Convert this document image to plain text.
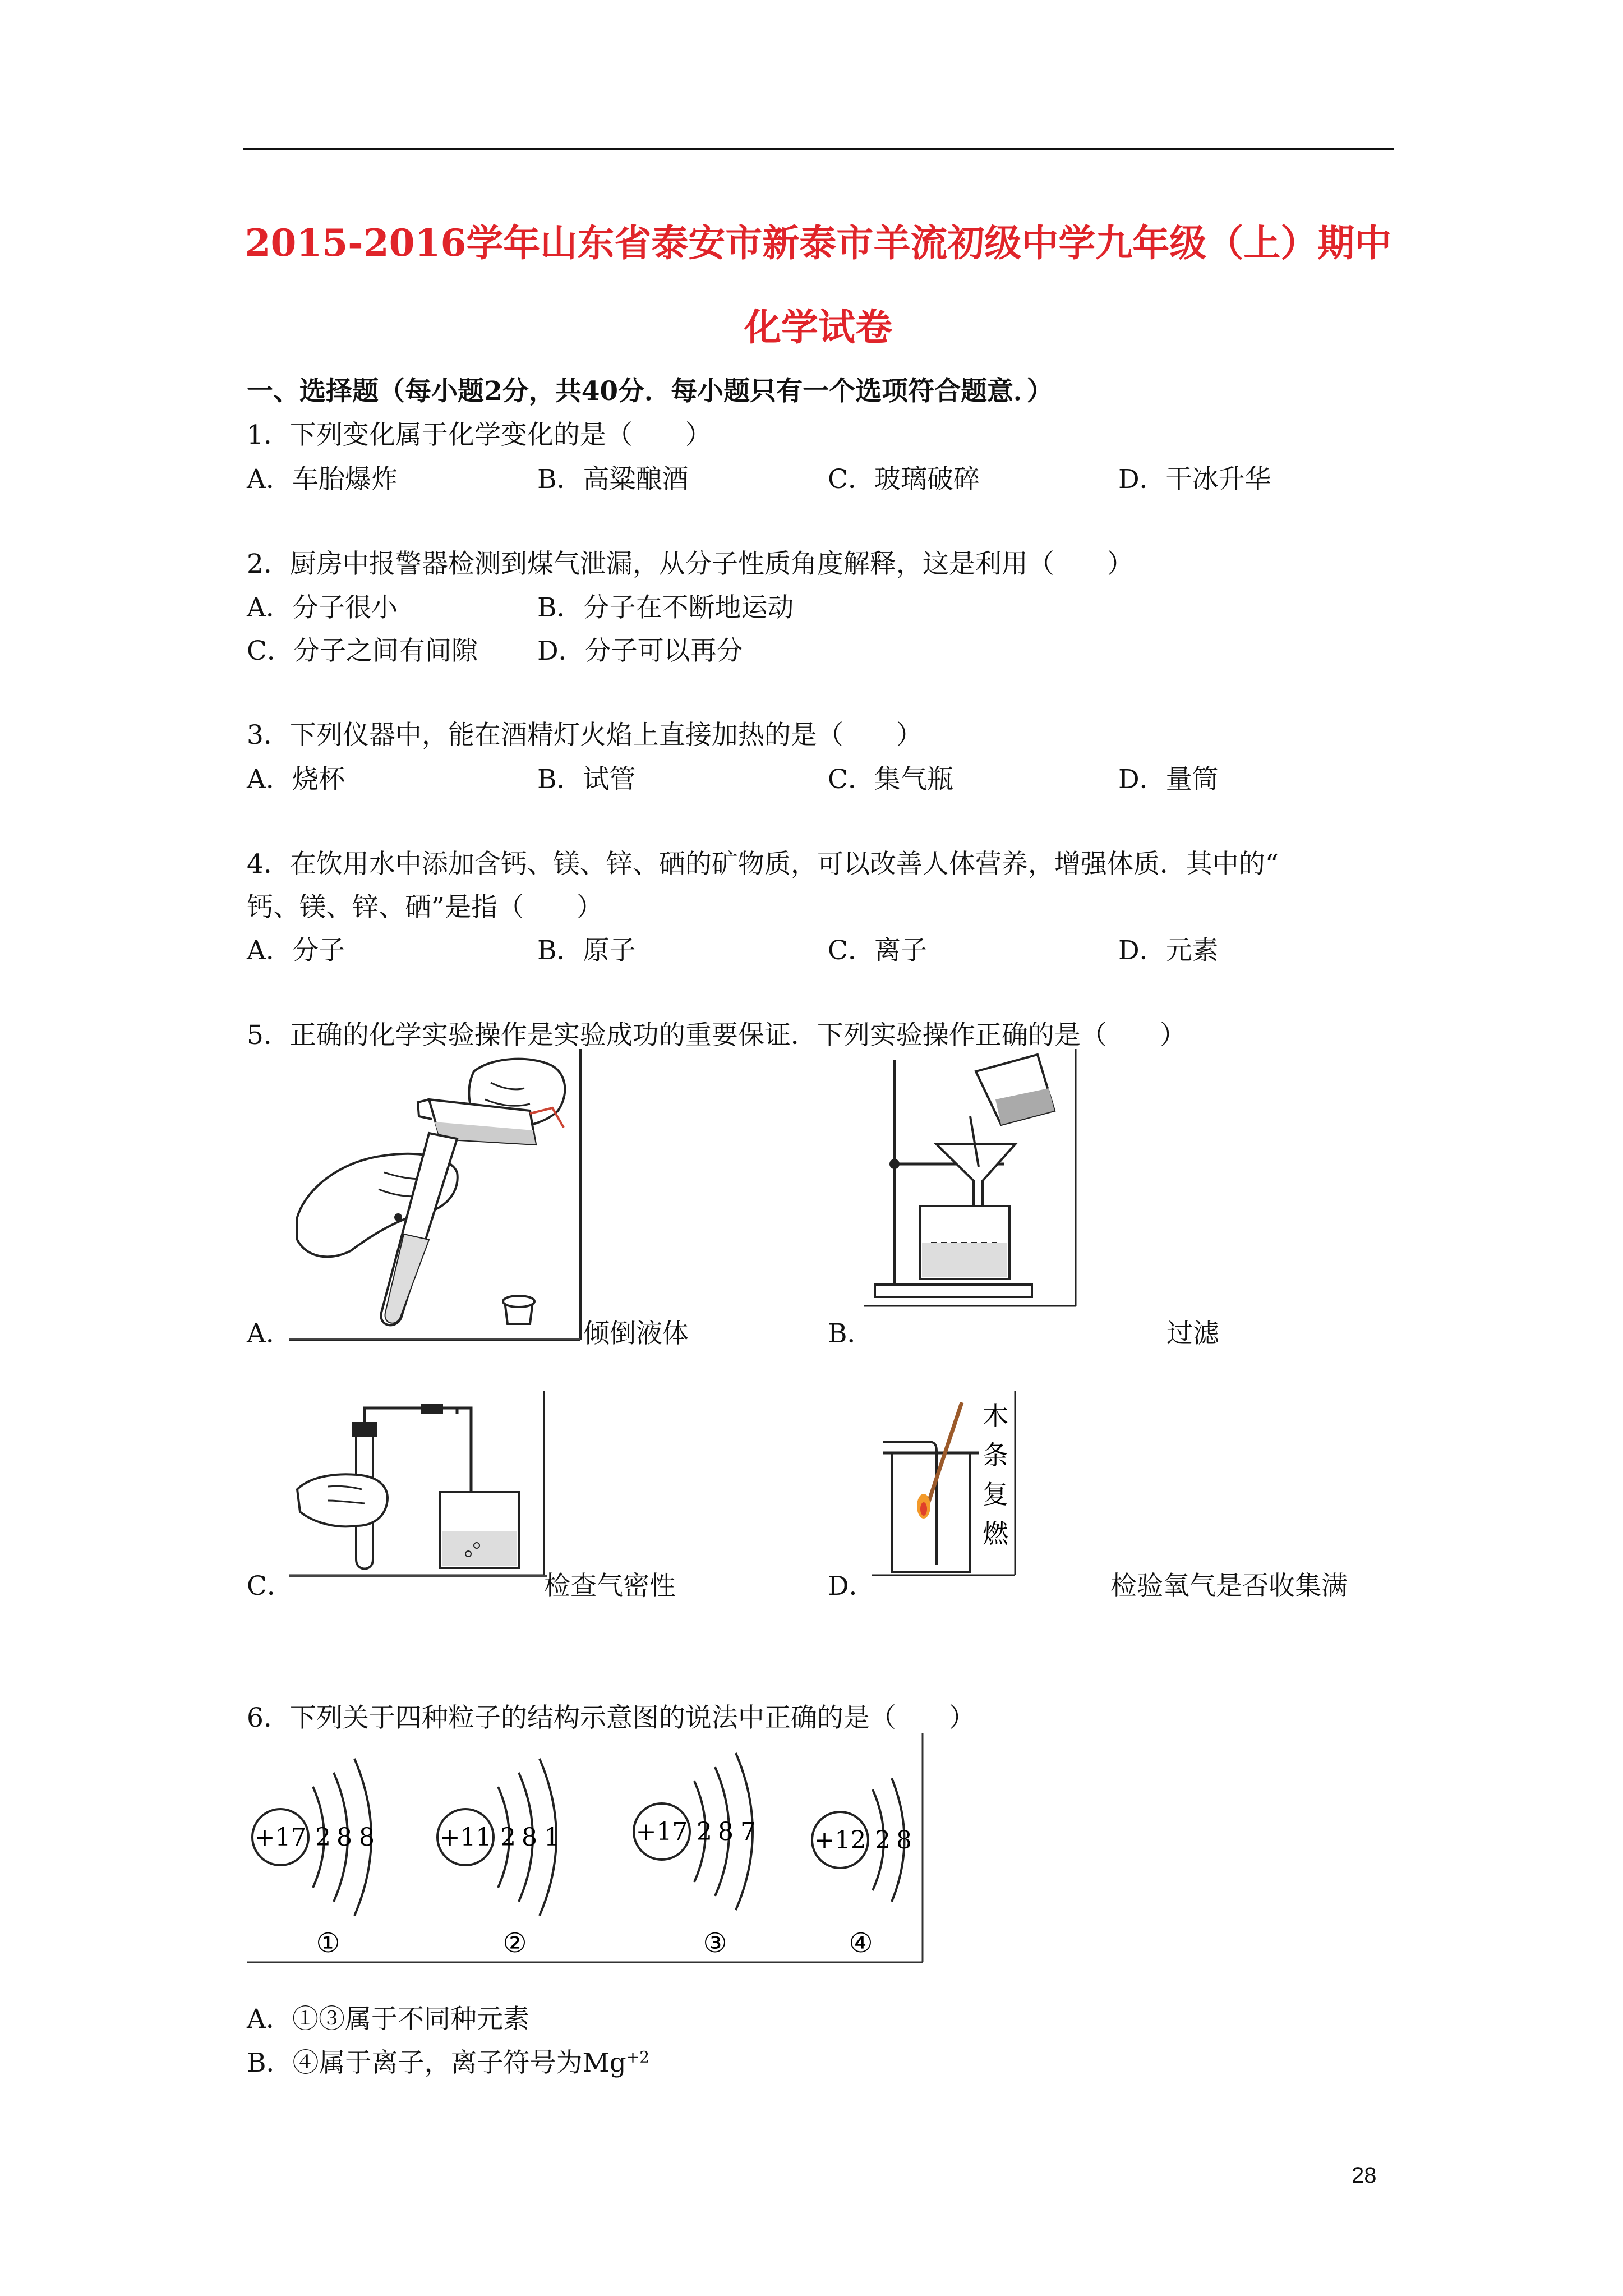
2015-2016学年山东省泰安市新泰市羊流初级中学九年级（上）期中
化学试卷
一、选择题（每小题2分，共40分．每小题只有一个选项符合题意．）
1．下列变化属于化学变化的是（　　）
A．车胎爆炸	B．高粱酿酒	C．玻璃破碎	D．干冰升华
2．厨房中报警器检测到煤气泄漏，从分子性质角度解释，这是利用（　　）
A．分子很小	B．分子在不断地运动
C．分子之间有间隙 D．分子可以再分
3．下列仪器中，能在酒精灯火焰上直接加热的是（　　）
A．烧杯	B．试管	C．集气瓶	D．量筒
4．在饮用水中添加含钙、镁、锌、硒的矿物质，可以改善人体营养，增强体质．其中的“
钙、镁、锌、硒”是指（　　）
A．分子	B．原子	C．离子	D．元素
5．正确的化学实验操作是实验成功的重要保证．下列实验操作正确的是（　　）
A．	倾倒液体	B．	过滤
C．	检查气密性
木
条
复
燃
D．	检验氧气是否收集满
6．下列关于四种粒子的结构示意图的说法中正确的是（　　）
+17 2 8 8
①
+11 2 8 1
②
+17 2 8 7
③
+12 2 8
④
A．①③属于不同种元素
B．④属于离子，离子符号为$Mg^{+2}$
28
